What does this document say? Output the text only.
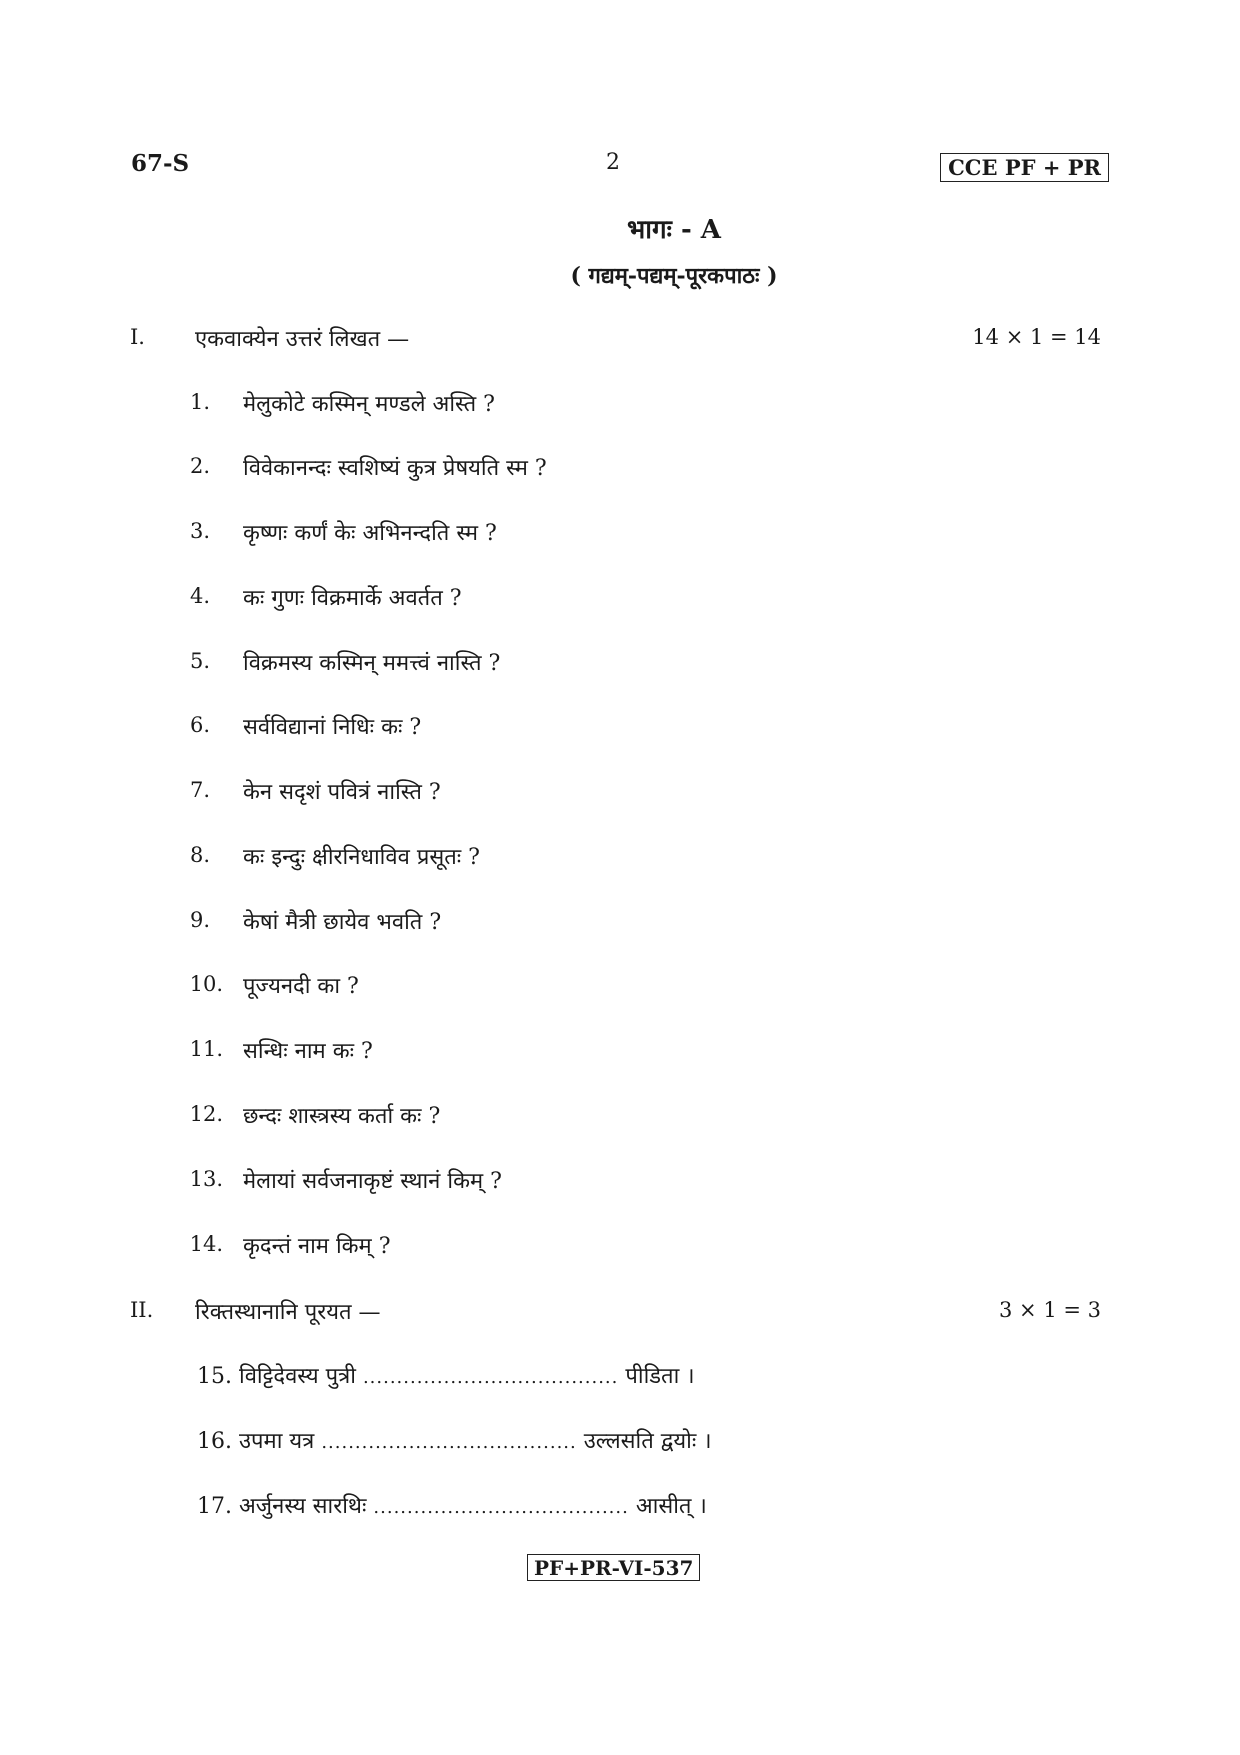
67-S	2	CCE PF + PR
भागः - A
( गद्यम्-पद्यम्-पूरकपाठः )
I. एकवाक्येन उत्तरं लिखत —	14 × 1 = 14
1. मेलुकोटे कस्मिन् मण्डले अस्ति ?
2. विवेकानन्दः स्वशिष्यं कुत्र प्रेषयति स्म ?
3. कृष्णः कर्णं केः अभिनन्दति स्म ?
4. कः गुणः विक्रमार्के अवर्तत ?
5. विक्रमस्य कस्मिन् ममत्त्वं नास्ति ?
6. सर्वविद्यानां निधिः कः ?
7. केन सदृशं पवित्रं नास्ति ?
8. कः इन्दुः क्षीरनिधाविव प्रसूतः ?
9. केषां मैत्री छायेव भवति ?
10. पूज्यनदी का ?
11. सन्धिः नाम कः ?
12. छन्दः शास्त्रस्य कर्ता कः ?
13. मेलायां सर्वजनाकृष्टं स्थानं किम् ?
14. कृदन्तं नाम किम् ?
II. रिक्तस्थानानि पूरयत —	3 × 1 = 3
15. विट्टिदेवस्य पुत्री ...................................... पीडिता ।
16. उपमा यत्र ...................................... उल्लसति द्वयोः ।
17. अर्जुनस्य सारथिः ...................................... आसीत् ।
PF+PR-VI-537
